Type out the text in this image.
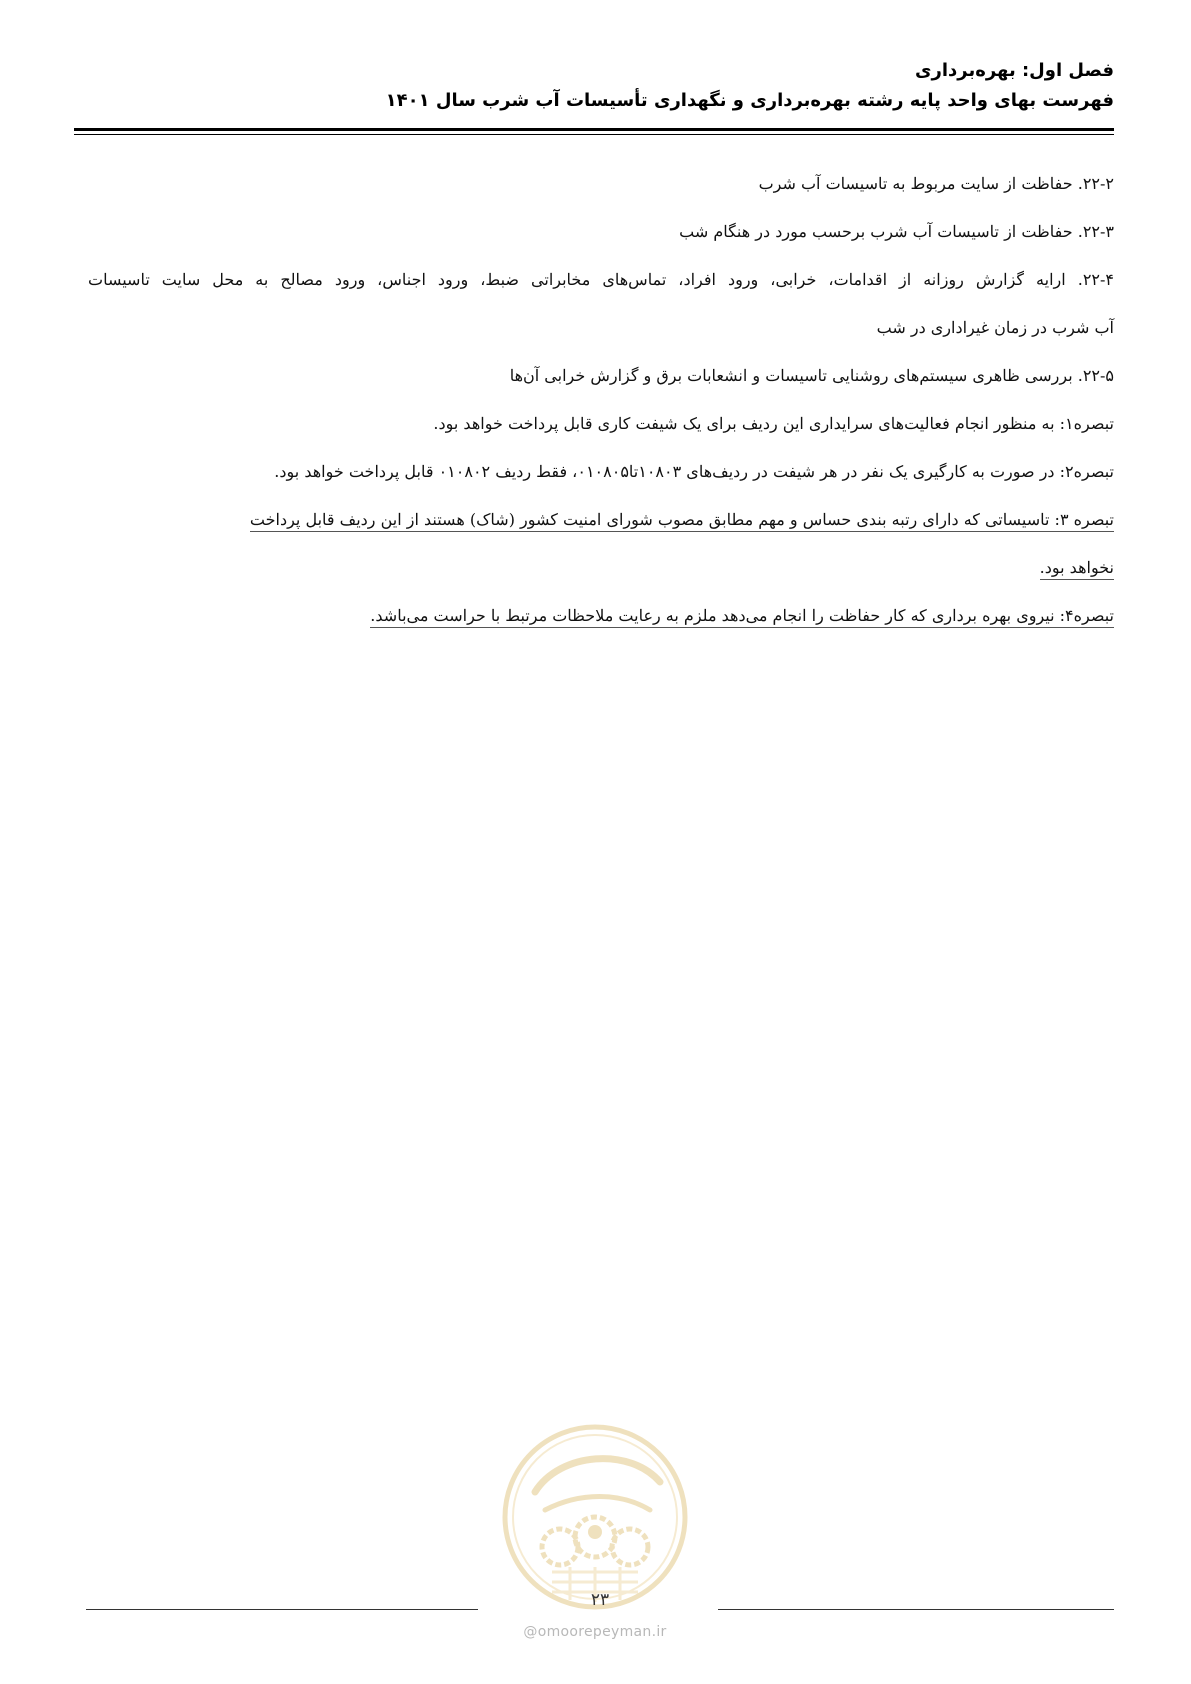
فصل اول: بهره‌برداری
فهرست بهای واحد پایه رشته بهره‌برداری و نگهداری تأسیسات آب شرب سال ۱۴۰۱

۲۲-۲. حفاظت از سایت مربوط به تاسیسات آب شرب

۲۲-۳. حفاظت از تاسیسات آب شرب برحسب مورد در هنگام شب

۲۲-۴. ارایه گزارش روزانه از اقدامات، خرابی، ورود افراد، تماس‌های مخابراتی ضبط، ورود اجناس، ورود مصالح به محل سایت تاسیسات

آب شرب در زمان غیراداری در شب

۲۲-۵. بررسی ظاهری سیستم‌های روشنایی تاسیسات و انشعابات برق و گزارش خرابی آن‌ها

تبصره۱: به منظور انجام فعالیت‌های سرایداری این ردیف برای یک شیفت کاری قابل پرداخت خواهد بود.

تبصره۲: در صورت به کارگیری یک نفر در هر شیفت در ردیف‌های ۱۰۸۰۳تا۰۱۰۸۰۵، فقط ردیف ۰۱۰۸۰۲ قابل پرداخت خواهد بود.

تبصره ۳: تاسیساتی که دارای رتبه بندی حساس و مهم مطابق مصوب شورای امنیت کشور (شاک) هستند از این ردیف قابل پرداخت
نخواهد بود.

تبصره۴: نیروی بهره برداری که کار حفاظت را انجام می‌دهد ملزم به رعایت ملاحظات مرتبط با حراست می‌باشد.

۲۳
@omoorepeyman.ir
